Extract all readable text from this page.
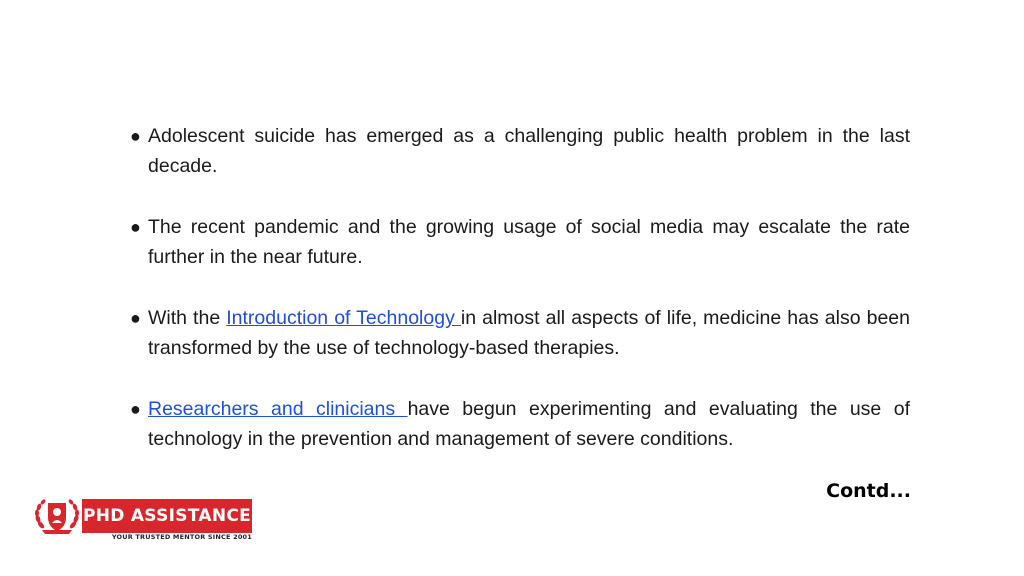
● Adolescent suicide has emerged as a challenging public health problem in the last decade.
● The recent pandemic and the growing usage of social media may escalate the rate further in the near future.
● With the Introduction of Technology in almost all aspects of life, medicine has also been transformed by the use of technology-based therapies.
● Researchers and clinicians have begun experimenting and evaluating the use of technology in the prevention and management of severe conditions.
Contd...
PHD ASSISTANCE
YOUR TRUSTED MENTOR SINCE 2001
